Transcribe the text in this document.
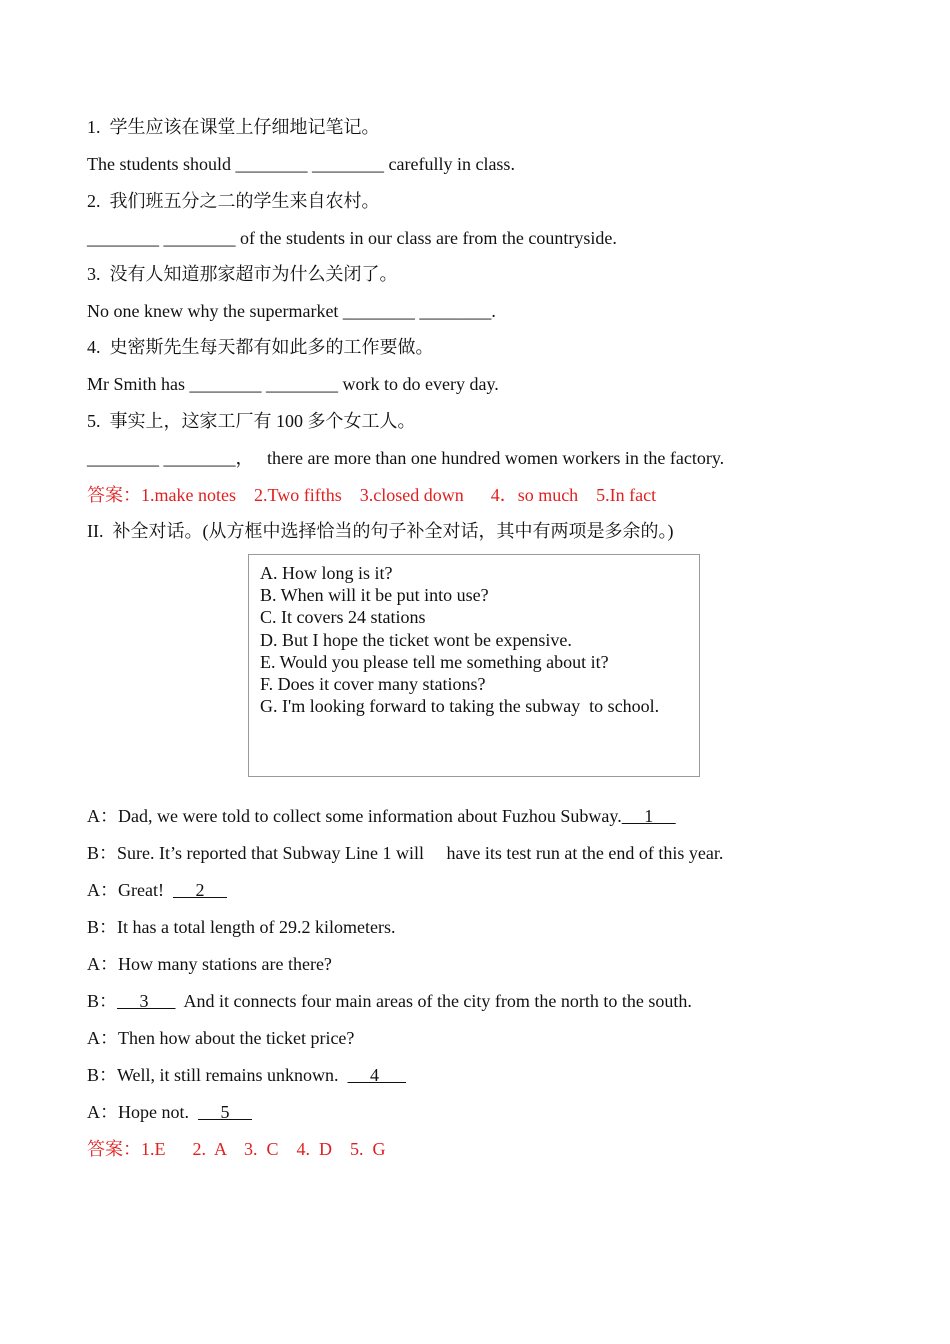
1.  学生应该在课堂上仔细地记笔记。
The students should ________ ________ carefully in class.
2.  我们班五分之二的学生来自农村。
________ ________ of the students in our class are from the countryside.
3.  没有人知道那家超市为什么关闭了。
No one knew why the supermarket ________ ________.
4.  史密斯先生每天都有如此多的工作要做。
Mr Smith has ________ ________ work to do every day.
5.  事实上，这家工厂有 100 多个女工人。
________ ________，   there are more than one hundred women workers in the factory.
答案：1.make notes    2.Two fifths    3.closed down      4．so much    5.In fact
II.  补全对话。(从方框中选择恰当的句子补全对话，其中有两项是多余的。)
A. How long is it?
B. When will it be put into use?
C. It covers 24 stations
D. But I hope the ticket wont be expensive.
E. Would you please tell me something about it?
F. Does it cover many stations?
G. I'm looking forward to taking the subway  to school.
A：Dad, we were told to collect some information about Fuzhou Subway.     1
B：Sure. It’s reported that Subway Line 1 will     have its test run at the end of this year.
A：Great!       2
B：It has a total length of 29.2 kilometers.
A：How many stations are there?
B：     3        And it connects four main areas of the city from the north to the south.
A：Then how about the ticket price?
B：Well, it still remains unknown.       4
A：Hope not.       5
答案：1.E      2.  A    3.  C    4.  D    5.  G
